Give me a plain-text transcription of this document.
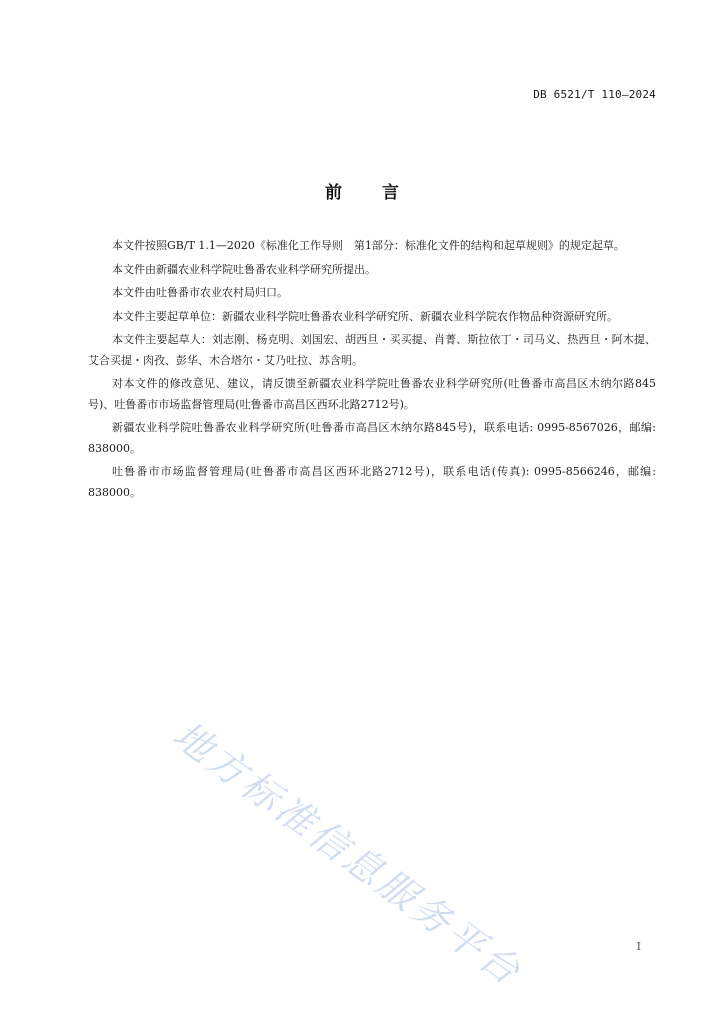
DB 6521/T 110—2024
前言

本文件按照GB/T 1.1—2020《标准化工作导则　第1部分：标准化文件的结构和起草规则》的规定起草。

本文件由新疆农业科学院吐鲁番农业科学研究所提出。

本文件由吐鲁番市农业农村局归口。

本文件主要起草单位：新疆农业科学院吐鲁番农业科学研究所、新疆农业科学院农作物品种资源研究所。

本文件主要起草人：刘志刚、杨克明、刘国宏、胡西旦・买买提、肖菁、斯拉依丁・司马义、热西旦・阿木提、艾合买提・肉孜、彭华、木合塔尔・艾乃吐拉、苏含明。

对本文件的修改意见、建议，请反馈至新疆农业科学院吐鲁番农业科学研究所(吐鲁番市高昌区木纳尔路845号)、吐鲁番市市场监督管理局(吐鲁番市高昌区西环北路2712号)。

新疆农业科学院吐鲁番农业科学研究所(吐鲁番市高昌区木纳尔路845号)，联系电话: 0995-8567026，邮编: 838000。

吐鲁番市市场监督管理局(吐鲁番市高昌区西环北路2712号)，联系电话(传真): 0995-8566246，邮编: 838000。

地方标准信息服务平台	I
